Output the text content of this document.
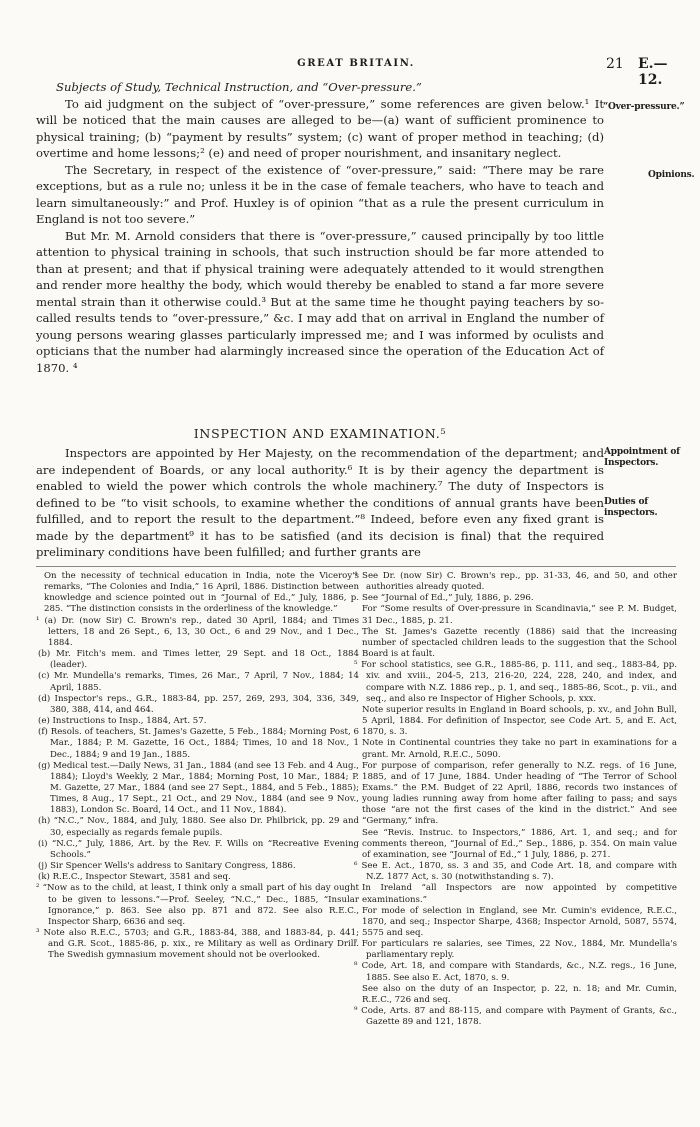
GREAT BRITAIN.	21 E.—12.

Subjects of Study, Technical Instruction, and “Over-pressure.”

To aid judgment on the subject of “over-pressure,” some references are given below.¹ It will be noticed that the main causes are alleged to be—(a) want of sufficient prominence to physical training; (b) “payment by results” system; (c) want of proper method in teaching; (d) overtime and home lessons;² (e) and need of proper nourishment, and insanitary neglect.

The Secretary, in respect of the existence of “over-pressure,” said: “There may be rare exceptions, but as a rule no; unless it be in the case of female teachers, who have to teach and learn simultaneously:” and Prof. Huxley is of opinion “that as a rule the present curriculum in England is not too severe.”

But Mr. M. Arnold considers that there is “over-pressure,” caused principally by too little attention to physical training in schools, that such instruction should be far more attended to than at present; and that if physical training were adequately attended to it would strengthen and render more healthy the body, which would thereby be enabled to stand a far more severe mental strain than it otherwise could.³ But at the same time he thought paying teachers by so-called results tends to “over-pressure,” &c. I may add that on arrival in England the number of young persons wearing glasses particularly impressed me; and I was informed by oculists and opticians that the number had alarmingly increased since the operation of the Education Act of 1870. ⁴

“Over-pressure.”
Opinions.
INSPECTION AND EXAMINATION.⁵

Inspectors are appointed by Her Majesty, on the recommendation of the department; and are independent of Boards, or any local authority.⁶ It is by their agency the department is enabled to wield the power which controls the whole machinery.⁷ The duty of Inspectors is defined to be “to visit schools, to examine whether the conditions of annual grants have been fulfilled, and to report the result to the department.”⁸ Indeed, before even any fixed grant is made by the department⁹ it has to be satisfied (and its decision is final) that the required preliminary conditions have been fulfilled; and further grants are

Appointment of Inspectors.
Duties of inspectors.

On the necessity of technical education in India, note the Viceroy's remarks, “The Colonies and India,” 16 April, 1886. Distinction between knowledge and science pointed out in “Journal of Ed.,” July, 1886, p. 285. “The distinction consists in the orderliness of the knowledge.”

¹ (a) Dr. (now Sir) C. Brown's rep., dated 30 April, 1884; and Times letters, 18 and 26 Sept., 6, 13, 30 Oct., 6 and 29 Nov., and 1 Dec., 1884.

(b) Mr. Fitch's mem. and Times letter, 29 Sept. and 18 Oct., 1884 (leader).

(c) Mr. Mundella's remarks, Times, 26 Mar., 7 April, 7 Nov., 1884; 14 April, 1885.

(d) Inspector's reps., G.R., 1883-84, pp. 257, 269, 293, 304, 336, 349, 380, 388, 414, and 464.

(e) Instructions to Insp., 1884, Art. 57.

(f) Resols. of teachers, St. James's Gazette, 5 Feb., 1884; Morning Post, 6 Mar., 1884; P. M. Gazette, 16 Oct., 1884; Times, 10 and 18 Nov., 1 Dec., 1884; 9 and 19 Jan., 1885.

(g) Medical test.—Daily News, 31 Jan., 1884 (and see 13 Feb. and 4 Aug., 1884); Lloyd's Weekly, 2 Mar., 1884; Morning Post, 10 Mar., 1884; P. M. Gazette, 27 Mar., 1884 (and see 27 Sept., 1884, and 5 Feb., 1885); Times, 8 Aug., 17 Sept., 21 Oct., and 29 Nov., 1884 (and see 9 Nov., 1883), London Sc. Board, 14 Oct., and 11 Nov., 1884).

(h) “N.C.,” Nov., 1884, and July, 1880. See also Dr. Philbrick, pp. 29 and 30, especially as regards female pupils.

(i) “N.C.,” July, 1886, Art. by the Rev. F. Wills on “Recreative Evening Schools.”

(j) Sir Spencer Wells's address to Sanitary Congress, 1886.

(k) R.E.C., Inspector Stewart, 3581 and seq.

² “Now as to the child, at least, I think only a small part of his day ought to be given to lessons.”—Prof. Seeley, “N.C.,” Dec., 1885, “Insular Ignorance,” p. 863. See also pp. 871 and 872. See also R.E.C., Inspector Sharp, 6636 and seq.

³ Note also R.E.C., 5703; and G.R., 1883-84, 388, and 1883-84, p. 441; and G.R. Scot., 1885-86, p. xix., re Military as well as Ordinary Drill. The Swedish gymnasium movement should not be overlooked.

⁴ See Dr. (now Sir) C. Brown's rep., pp. 31-33, 46, and 50, and other authorities already quoted.

See “Journal of Ed.,” July, 1886, p. 296.

For “Some results of Over-pressure in Scandinavia,” see P. M. Budget, 31 Dec., 1885, p. 21.

The St. James's Gazette recently (1886) said that the increasing number of spectacled children leads to the suggestion that the School Board is at fault.

⁵ For school statistics, see G.R., 1885-86, p. 111, and seq., 1883-84, pp. xiv. and xviii., 204-5, 213, 216-20, 224, 228, 240, and index, and compare with N.Z. 1886 rep., p. 1, and seq., 1885-86, Scot., p. vii., and seq., and also re Inspector of Higher Schools, p. xxx.

Note superior results in England in Board schools, p. xv., and John Bull, 5 April, 1884. For definition of Inspector, see Code Art. 5, and E. Act, 1870, s. 3.

Note in Continental countries they take no part in examinations for a grant. Mr. Arnold, R.E.C., 5090.

For purpose of comparison, refer generally to N.Z. regs. of 16 June, 1885, and of 17 June, 1884. Under heading of “The Terror of School Exams.” the P.M. Budget of 22 April, 1886, records two instances of young ladies running away from home after failing to pass; and says those “are not the first cases of the kind in the district.” And see “Germany,” infra.

See “Revis. Instruc. to Inspectors,” 1886, Art. 1, and seq.; and for comments thereon, “Journal of Ed.,” Sep., 1886, p. 354. On main value of examination, see “Journal of Ed.,” 1 July, 1886, p. 271.

⁶ See E. Act., 1870, ss. 3 and 35, and Code Art. 18, and compare with N.Z. 1877 Act, s. 30 (notwithstanding s. 7).

In Ireland “all Inspectors are now appointed by competitive examinations.”

For mode of selection in England, see Mr. Cumin's evidence, R.E.C., 1870, and seq.; Inspector Sharpe, 4368; Inspector Arnold, 5087, 5574, 5575 and seq.

⁷ For particulars re salaries, see Times, 22 Nov., 1884, Mr. Mundella's parliamentary reply.

⁸ Code, Art. 18, and compare with Standards, &c., N.Z. regs., 16 June, 1885. See also E. Act, 1870, s. 9.

See also on the duty of an Inspector, p. 22, n. 18; and Mr. Cumin, R.E.C., 726 and seq.

⁹ Code, Arts. 87 and 88-115, and compare with Payment of Grants, &c., Gazette 89 and 121, 1878.
